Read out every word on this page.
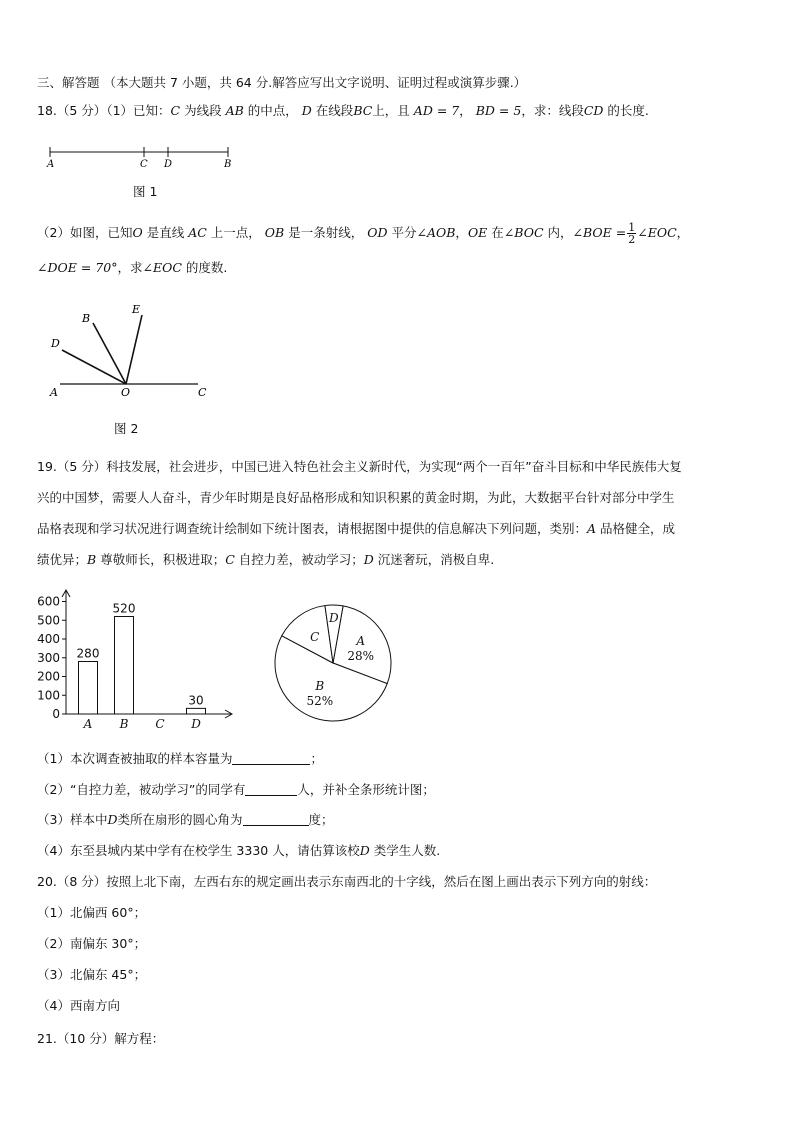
三、解答题 （本大题共 7 小题，共 64 分.解答应写出文字说明、证明过程或演算步骤.）
18.（5 分）（1）已知：C 为线段 AB 的中点， D 在线段BC上，且 AD = 7， BD = 5，求：线段CD 的长度.
A	C D	B
图 1
（2）如图，已知O 是直线 AC 上一点， OB 是一条射线， OD 平分∠AOB，OE 在∠BOC 内，∠BOE = $\frac{1}{2}$ ∠EOC，
∠DOE = 70°，求∠EOC 的度数.
B
E
D
A	O	C
图 2
19.（5 分）科技发展，社会进步，中国已进入特色社会主义新时代，为实现“两个一百年”奋斗目标和中华民族伟大复
兴的中国梦，需要人人奋斗，青少年时期是良好品格形成和知识积累的黄金时期，为此，大数据平台针对部分中学生
品格表现和学习状况进行调查统计绘制如下统计图表，请根据图中提供的信息解决下列问题，类别：A 品格健全，成
绩优异；B 尊敬师长，积极进取；C 自控力差，被动学习；D 沉迷奢玩，消极自卑.
0
100
200
300
400
500
600
280
A
520
B C
30
D
A
28%
B
52%
C
D
（1）本次调查被抽取的样本容量为	；
（2）“自控力差，被动学习”的同学有	人，并补全条形统计图；
（3）样本中D类所在扇形的圆心角为	度；
（4）东至县城内某中学有在校学生 3330 人，请估算该校D 类学生人数.
20.（8 分）按照上北下南，左西右东的规定画出表示东南西北的十字线，然后在图上画出表示下列方向的射线：
（1）北偏西 60°；
（2）南偏东 30°；
（3）北偏东 45°；
（4）西南方向
21.（10 分）解方程：
